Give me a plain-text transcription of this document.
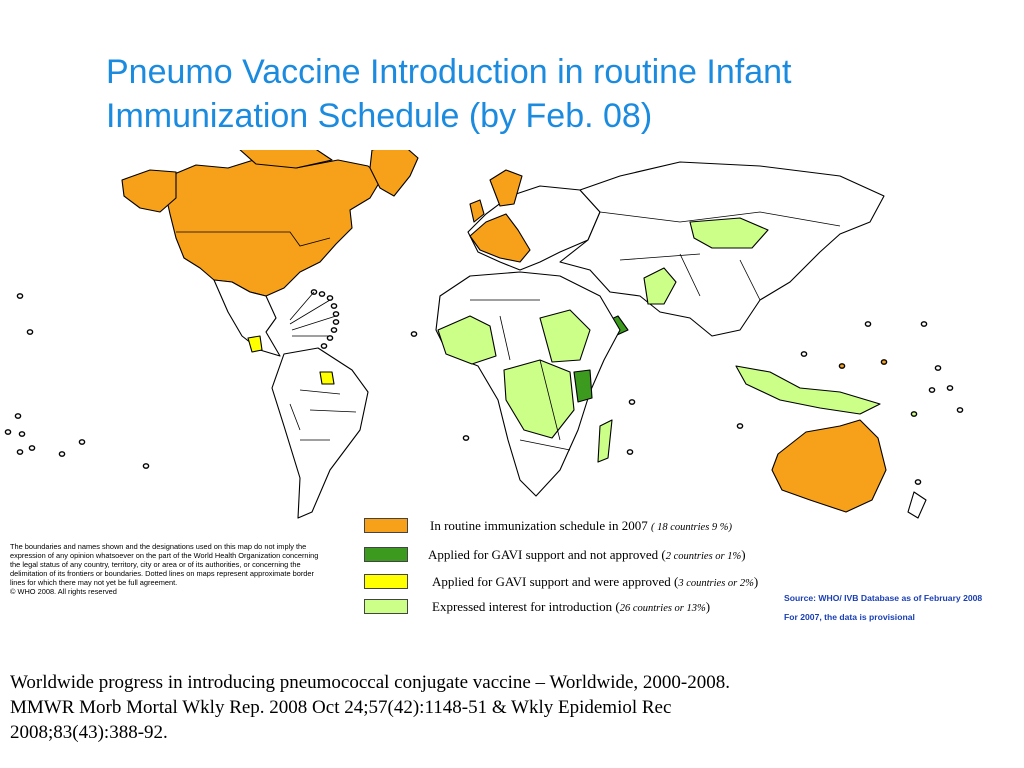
Pneumo Vaccine Introduction in routine Infant Immunization Schedule (by Feb. 08)
The boundaries and names shown and the designations used on this map do not imply the expression of any opinion whatsoever on the part of the World Health Organization concerning the legal status of any country, territory, city or area or of its authorities, or concerning the delimitation of its frontiers or boundaries. Dotted lines on maps represent approximate border lines for which there may not yet be full agreement.
© WHO 2008. All rights reserved
In routine immunization schedule in 2007 ( 18 countries 9 %)
Applied for GAVI support and not approved (2 countries or 1%)
Applied for GAVI support and were approved (3 countries or 2%)
Expressed interest for introduction (26 countries or 13%)
Source: WHO/ IVB Database as of February 2008
For 2007, the data is provisional
Worldwide progress in introducing pneumococcal conjugate vaccine – Worldwide, 2000-2008.
MMWR Morb Mortal Wkly Rep. 2008 Oct 24;57(42):1148-51 & Wkly Epidemiol Rec
2008;83(43):388-92.
